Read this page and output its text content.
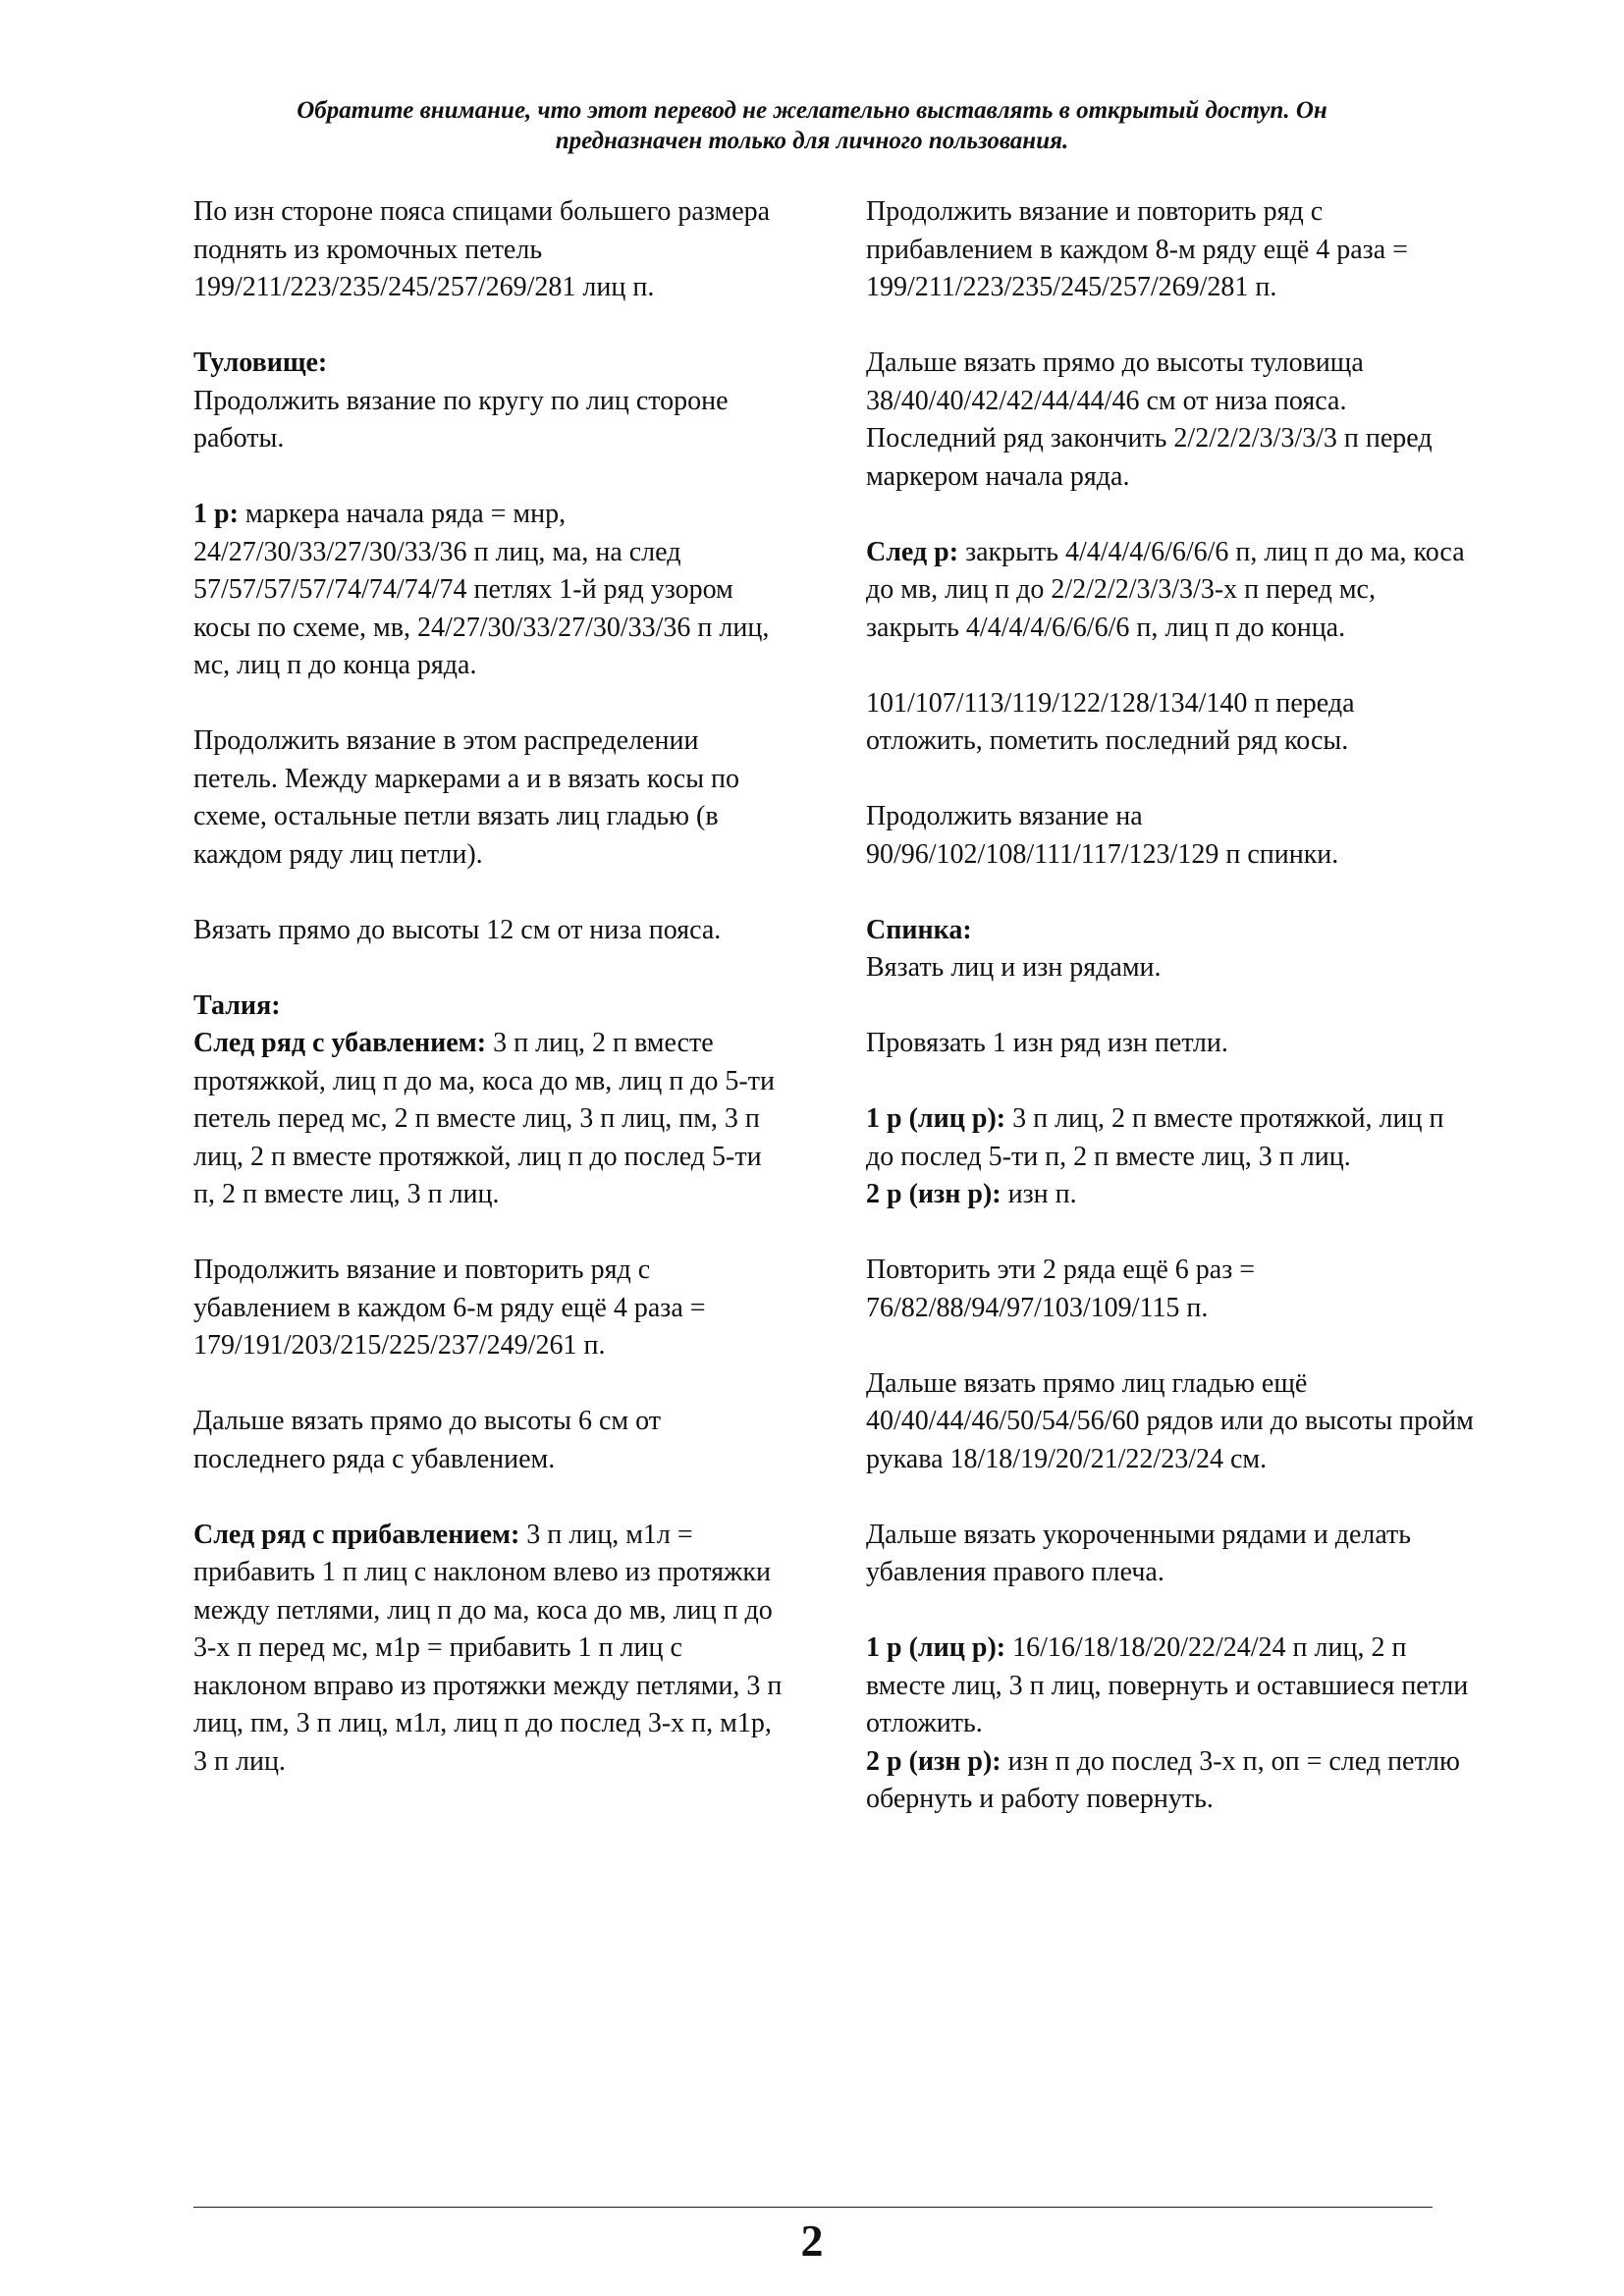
Обратите внимание, что этот перевод не желательно выставлять в открытый доступ. Он
предназначен только для личного пользования.

По изн стороне пояса спицами большего размера поднять из кромочных петель 199/211/223/235/245/257/269/281 лиц п.

Туловище:

Продолжить вязание по кругу по лиц стороне работы.

1 р: маркера начала ряда = мнр, 24/27/30/33/27/30/33/36 п лиц, ма, на след 57/57/57/57/74/74/74/74 петлях 1-й ряд узором косы по схеме, мв, 24/27/30/33/27/30/33/36 п лиц, мс, лиц п до конца ряда.

Продолжить вязание в этом распределении петель. Между маркерами а и в вязать косы по схеме, остальные петли вязать лиц гладью (в каждом ряду лиц петли).

Вязать прямо до высоты 12 см от низа пояса.

Талия:

След ряд с убавлением: 3 п лиц, 2 п вместе протяжкой, лиц п до ма, коса до мв, лиц п до 5-ти петель перед мс, 2 п вместе лиц, 3 п лиц, пм, 3 п лиц, 2 п вместе протяжкой, лиц п до послед 5-ти п, 2 п вместе лиц, 3 п лиц.

Продолжить вязание и повторить ряд с убавлением в каждом 6-м ряду ещё 4 раза = 179/191/203/215/225/237/249/261 п.

Дальше вязать прямо до высоты 6 см от последнего ряда с убавлением.

След ряд с прибавлением: 3 п лиц, м1л = прибавить 1 п лиц с наклоном влево из протяжки между петлями, лиц п до ма, коса до мв, лиц п до 3-х п перед мс, м1р = прибавить 1 п лиц с наклоном вправо из протяжки между петлями, 3 п лиц, пм, 3 п лиц, м1л, лиц п до послед 3-х п, м1р, 3 п лиц.

Продолжить вязание и повторить ряд с прибавлением в каждом 8-м ряду ещё 4 раза = 199/211/223/235/245/257/269/281 п.

Дальше вязать прямо до высоты туловища 38/40/40/42/42/44/44/46 см от низа пояса. Последний ряд закончить 2/2/2/2/3/3/3/3 п перед маркером начала ряда.

След р: закрыть 4/4/4/4/6/6/6/6 п, лиц п до ма, коса до мв, лиц п до 2/2/2/2/3/3/3/3-х п перед мс, закрыть 4/4/4/4/6/6/6/6 п, лиц п до конца.

101/107/113/119/122/128/134/140 п переда отложить, пометить последний ряд косы.

Продолжить вязание на 90/96/102/108/111/117/123/129 п спинки.

Спинка:

Вязать лиц и изн рядами.

Провязать 1 изн ряд изн петли.

1 р (лиц р): 3 п лиц, 2 п вместе протяжкой, лиц п до послед 5-ти п, 2 п вместе лиц, 3 п лиц.
2 р (изн р): изн п.

Повторить эти 2 ряда ещё 6 раз = 76/82/88/94/97/103/109/115 п.

Дальше вязать прямо лиц гладью ещё 40/40/44/46/50/54/56/60 рядов или до высоты пройм рукава 18/18/19/20/21/22/23/24 см.

Дальше вязать укороченными рядами и делать убавления правого плеча.

1 р (лиц р): 16/16/18/18/20/22/24/24 п лиц, 2 п вместе лиц, 3 п лиц, повернуть и оставшиеся петли отложить.
2 р (изн р): изн п до послед 3-х п, оп = след петлю обернуть и работу повернуть.

2
